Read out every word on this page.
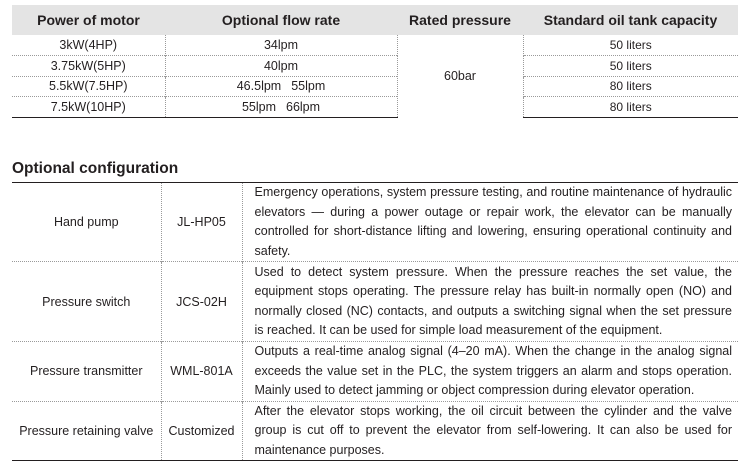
Power of motor	Optional flow rate	Rated pressure	Standard oil tank capacity
3kW(4HP)	34lpm	60bar	50 liters
3.75kW(5HP)	40lpm		50 liters
5.5kW(7.5HP)	46.5lpm 55lpm		80 liters
7.5kW(10HP)	55lpm 66lpm		80 liters
Optional configuration
Hand pump	JL-HP05	Emergency operations, system pressure testing, and routine maintenance of hydraulic elevators — during a power outage or repair work, the elevator can be manually controlled for short-distance lifting and lowering, ensuring operational continuity and safety.
Pressure switch	JCS-02H	Used to detect system pressure. When the pressure reaches the set value, the equipment stops operating. The pressure relay has built-in normally open (NO) and normally closed (NC) contacts, and outputs a switching signal when the set pressure is reached. It can be used for simple load measurement of the equipment.
Pressure transmitter	WML-801A	Outputs a real-time analog signal (4–20 mA). When the change in the analog signal exceeds the value set in the PLC, the system triggers an alarm and stops operation. Mainly used to detect jamming or object compression during elevator operation.
Pressure retaining valve	Customized	After the elevator stops working, the oil circuit between the cylinder and the valve group is cut off to prevent the elevator from self-lowering. It can also be used for maintenance purposes.
